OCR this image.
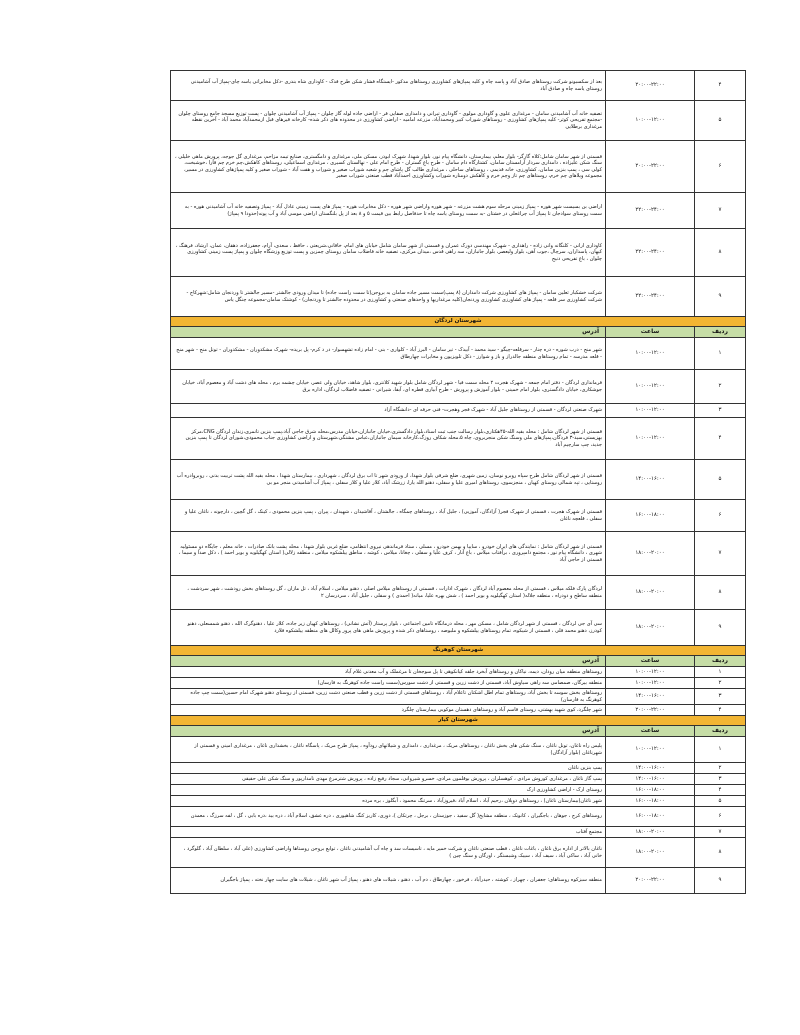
۴	۲۰:۰۰-۲۲:۰۰	بعد از سکسبونو شرکت روستاهای صادق آباد و پاسه چاه و کلیه پمپاژهای کشاورزی روستاهای مذکور -ایستگاه فشار شکن طرح فدک - کاوداری شاه بندری -دکل مخابراتی یاسه چای-پمپاژ آب آشامیدنی روستای یاسه چاه و صادق آباد
۵	۱۰:۰۰-۱۲:۰۰	تصفیه خانه آب آشامیدنی سامان - مرغداری علوی و گاوداری مولوی - گاوداری تیرانی و دامداری صفایی فر - اراضی جاده لوله گاز چلوان - پمپاژ آب آشامیدنی چلوان - پست توزیع مسجد جامع روستای چلوان -مجتمع تفریحی کوثر- کلیه پمپاژهای کشاورزی - روستاهای شوراب کبیر ومحمدآباد، مزرعه امامیه - اراضی کشاورزی در محدوده های ذکر شده- کارخانه قیرهای قبل ازمحمدآباد محمد آباد - آخرین نقطه مرغداری برطلایی
۶	۲۰:۰۰-۲۲:۰۰	قسمتی از شهر سامان شامل:کلاه گارگر- بلوار معلم، بیمارستان، دانشگاه پیام نور، بلوار شهدا، شهرک ابوذر، مسکن ملی، مرغداری و دامگستری، صنایع تیمه مزاحم، مرغداری گل جوجه، پرورش ماهی خلیلی ، سنگ شکن علیزاده ، دامداری سردار آرامستان سامان، کشتارگاه دام سامان - طرح باغ گستران - طرح امام علی - نهالستان کسیری ، مرغداری اسماعیلی، روستاهای کاهکش،چم خرم چم قارا ،خوشبخت، کولی سی ، پمپ بنزین سامان، کشاورزی، خانه قدیمی ، روستاهای ساحلی ، مرغداری طالب گل پاشای جم و شعبه شوراب صغیر و شوراب و هفت آباد - شوراب صغیر و کلیه پمپاژهای کشاورزی در مسیر، مجموعه ویلاهای چم خرم، روستاهای چم تاز وچم خرم و کاهکش دومناره شوراب وکشاورزی احمدآباد قطب صنعتی شوراب صغیر
۷	۲۲:۰۰-۲۴:۰۰	اراضی بن بسیست شهر هوره - پمپاژ زمینی مرحله سوم هشت مزرعه - شهر هوره واراضی شهر هوره - دکل مخابرات هوره - پمپاژ های پست زمینی عادل آباد - پمپاژ وتصفیه خانه آب آشامیدنی هوره - به سمت روستای سوادجان تا پمپاژ آب چراغعلی در خشتان -به سمت روستای یاسه چاه تا حدفاصل رابط بین قیمت ۵ و ۸ بعد از پل بلنگستان اراضی موسی آباد و آب پونه(حدودا ۹ پمپاژ)
۸	۲۲:۰۰-۲۴:۰۰	کاوداری ارانی - کلنگانه وانی زاده - راهداری - شهرک مهندسی دورک عمران و قسمتی از شهر سامان شامل خیابان های امام، خاقانی،شریعتی ، حافظ ، سعدی، آرام، جعفرزاده، دهقان، عمان، ارشاد، فرهنگ ، کیهان، پاسداران، سرچال ،جوب آهن، بلوار ولیعصر، بلوار جانبازان، سه راهی قدس ،میدان مرکزی، تصفیه خانه فاضلاب سامان روستای چمزین و پست توزیع وزشگاه چلوان و پمپاژ پست زمینی کشاورزی چلوان ، باغ تفریحی دنیج
۹	۲۲:۰۰-۲۴:۰۰	شرکت خشکبار ثعلین سامان - پمپاژ های کشاورزی شرکت دامداران (۸ پمپ)سمت مسیر جاده سامان به بروجن(تا سمت راست جاده) تا میدان ورودی جالشتر -مسیر جالشتر تا وردنجان شامل:شهرکاج - شرکت کشاورزی سر قلعه - پمپاژ های کشاورزی کشاورزی وردنجان(کلیه مرغداریها و واحدهای صنعتی و کشاورزی در محدوده جالشتر تا وردنجان) - کوشتک سامان-مجموعه چنگل یاس
شهرستان لردگان		
ردیف	ساعت	آدرس
۱	۱۰:۰۰-۱۲:۰۰	شهر منج - درب شوره - دره چنار - سرقلعه-چیگو - سید محمد - آبیدک - تیر سامان - البرز آباد - کلواری - بنی - امام زاده تشهسوار- در د کرم- پل بریده- شهرک مشکدوران - مشکدوران - تونل منج - شهر منج - قلعه مدرسه - تمام روستاهای منطقه جالدراز و باز و شوارز - دکل تلویزیون و مخابرات چهارطاق
۲	۱۰:۰۰-۱۲:۰۰	فرمانداری لردگان - دفتر امام جمعه - شهرک هجرت ۲ محله سمت فیا - شهر لردگان شامل بلوار شهید کلانتری، بلوار شاهد، خیابان ولی عصر، خیابان چشمه برم ، محله های دشت آباد و معصوم آباد، خیابان جوشکاری، خیابان دادگستری، بلوار امام خمینی - بلوار آموزش و پرورش - طرح آبیاری قطره ای، آبفا، شیرانی - تصفیه فاضلاب لردگان، اداره برق
۳	۱۰:۰۰-۱۲:۰۰	شهرک صنعتی لردگان - قسمتی از روستاهای جلیل آباد - شهرک فجر وهجرت- فنی حرفه ای -دانشگاه آزاد
۴	۱۰:۰۰-۱۲:۰۰	قسمتی از شهر لردگان شامل : محله بقیه الله-۴۵هکتاری،بلوار رسالت جنب ثبت اسناد،بلوار دادگستری،خیابان جانبازان،خیابان مدرس،محله شرق جاجی آباد،پمپ بنزین تانمری،زندان لردگان CNG،مرکز بهزیستی،سید-۳ فردگان،پمپاژهای ملی وسنگ شکن منجربروی، چاه ۵،محله شکاف روزگ،کارخانه سیمان جانبازان،عباس مشنگی،شهرستان و اراضی کشاورزی جناب محمودی،شورای لردگان تا پمپ بنزین جدید، چپ سارچیم آباد
۵	۱۴:۰۰-۱۶:۰۰	قسمتی از شهر لردگان شامل طرح سپاه روبرو نوسان، زمین شهری، ضلع شرقی بلوار شهدا، از ورودی شهر تا اب برق لردگان ، شهرداری ، بیمارستان شهدا ، محله بقیه الله پشت تربیت بدنی ، روبروادره آب روستایی ، تپه شمالی روستای کهیان ، منجزسوی، روستاهای امیری علیا و سفلی، دهنو الله یارا، زرشک آباد، کلار علیا و کلار سفلی ، پمپاژ آب آشامیدنی منجر مو بی
۶	۱۶:۰۰-۱۸:۰۰	قسمتی از شهرک هجرت ، قسمتی از شهرک فجر( آزادگان، آموزیی) ، جلیل آباد ، روستاهای چمگاه ، جالشتان ، آفاشیدان ، شهیدان ، پیران ، پمپ بنزین محمودی ، کینک ، گل گچین ، دارچونه ، ناغان علیا و سفلی ، قلعچه ناغان
۷	۱۸:۰۰-۲۰:۰۰	قسمتی از شهر لردگان شامل : نمایندگی های ایران خودرو ، سایپا و بهمن خودرو ، مسلی ، ستاد فرماندهی نیروی انتظامی، ضلع غربی بلوار شهدا ، محله پشت بانک صادرات ، خانه معلم ، جایگاه دو مسئولیه شهری ، دانشگاه پیام نور ، مجتمع دامپروری ، برآفتاب میلاس ، باغ انار ، کرف علیا و سفلی ، چغانا، میلاس ، کوشه ، مناطق ییلشکوه میلاس ، منطقه زلالی( استان کهگیلویه و بویر احمد ) ، دکل صدا و سیما ، قسمتی از حاجی آباد
۸	۱۸:۰۰-۲۰:۰۰	لردگان پارک فلکه میلاس ، قسمتی از محله معصوم آباد لردگان ، شهرک ادارات ، قسمتی از روستاهای میلاس اصلی ، دهنو میلاس ، اسلام آباد ، تل مازان ، گل روستاهای بخش رودشت ، شهر سردشت ، منطقه ساطح و دودراه ، منطقه جلاله( استان کهگیلویه و بویر احمد ) ، شش بهره علیا، میانه( احمدی ) و سفلی ، جلیل آباد ، سردرسان ۲
۹	۱۸:۰۰-۲۰:۰۰	سی آی جی لردگان ، قسمتی از شهر لردگان شامل ، مسکن مهر ، محله درمانگاه تامین اجتماعی ، بلوار پرستار (آتش نشانی) ، روستاهای کهیان زیر جاده، کلار علیا ، دهنوگرک الله ، دهنو شمسعلی، دهنو کودرز، دهنو محمد قلی ، قسمتی از شیکوه، تمام روستاهای ییلشکوه و ملبوصه ، روستاهای ذکر شده و پرورش ماهی های پرور وکالل های منطقه ییلشکوه فلارد
شهرستان کوهرنگ		
ردیف	ساعت	آدرس
۱	۱۰:۰۰-۱۲:۰۰	روستاهای منطقه میان رودان، دیمه، نیاکان و روستاهای آبخرد جلقه کیانکوهی تا پل سوجخان تا مرغملک و آب معدنی غلام آباد
۲	۱۰:۰۰-۱۲:۰۰	منطقه بیرگان، صمصامی سه راهی سیاوش آباد، قسمتی از دشت زرین و قسمتی از دشت سورس(سمت راست جاده کوهرنگ به فارسان)
۳	۱۴:۰۰-۱۶:۰۰	روستاهای بخش سوسه تا بخش آباد، روستاهای تمام اطل اشکنان تاعلام آباد ، روستاهای قسمتی از دشت زرین و قطب صنعتی دشت زرین، قسمتی از روستای دهنو شهرک امام حسین(سمت چپ جاده کوهرنگ به فارسان)
۴	۲۰:۰۰-۲۲:۰۰	شهر چلگرد، کوی شهید بهشتی، روستای قاسم آباد و روستاهای دهستان موکویی بیمارستان چلگرد
شهرستان کیار		
ردیف	ساعت	آدرس
۱	۱۰:۰۰-۱۲:۰۰	پلیس راه ناغان، تونل ناغان ، سنگ شکن های بخش ناغان ، روستاهای مریک ، مرغداری ، دامداری و شیلاتهای رودآوه ، پمپاژ طرح مریک ، پاسگاه ناغان ، بخشداری ناغان ، مرغداری امینی و قسمتی از شهرناغان (بلوار آزادگان)
۲	۱۴:۰۰-۱۶:۰۰	پمپ بنزین ناغان
۳	۱۴:۰۰-۱۶:۰۰	پمپ گاز ناغان ، مرغداری کوروش مرادی ، کوهسلران ، پرورش بوقلمون مرادی، خسرو شیروانی، سجاد رفیع زاده ، پرورش شترمرغ مهدی نامدارپور و سنگ شکن علی حقیقی
۴	۱۶:۰۰-۱۸:۰۰	روستای ارک - اراضی کشاورزی ارک
۵	۱۶:۰۰-۱۸:۰۰	شهر ناغان(بیمارستان ناغان) ، روستاهای دوپلان ،رحیم آباد ، اسلام آباد ،فیروزآباد ، سرتنگ محمود ، آبگلوز ، بره مرده
۶	۱۶:۰۰-۱۸:۰۰	روستاهای کرج ، جوهان ، باجگیران ، کانونک ، منطقه مشایخ( گل سفید ، جوزستان ، برجل ، چرتکان )، دوری، کاریز کنگ شاهپوری ، دره عشق، اسلام آباد ، دره بید ،دره بابی ، گل ، لفه سرزگ ، معمدن
۷	۱۸:۰۰-۲۰:۰۰	مجتمع آفتاب
۸	۱۸:۰۰-۲۰:۰۰	ناغان بالاتر از اداره برق ناغان ، باغات ناغان ، قطب صنعتی ناغان و شرکت خمیر مایه ، تاسیسات سد و چاه آب آشامیدنی ناغان ، توابع بروجن روستاها واراضی کشاورزی (علی آباد ، سلطان آباد ، گلوگرد ، خانی آباد ، ساکی آباد ، سیف آباد ، سیبک وشبستگر ، اورگان و سنگ چین )
۹	۲۰:۰۰-۲۲:۰۰	منطقه سبزکوه روستاهای: جعفران ، چهراز ، کوشته ، حیدرآباد ، فرخور ، چهارطاق ، دم آب ، دهنو ، شیلات های دهنو ، پمپاژ آب شهر ناغان ، شیلات های سایت چهار نخته ، پمپاژ باجگیران
